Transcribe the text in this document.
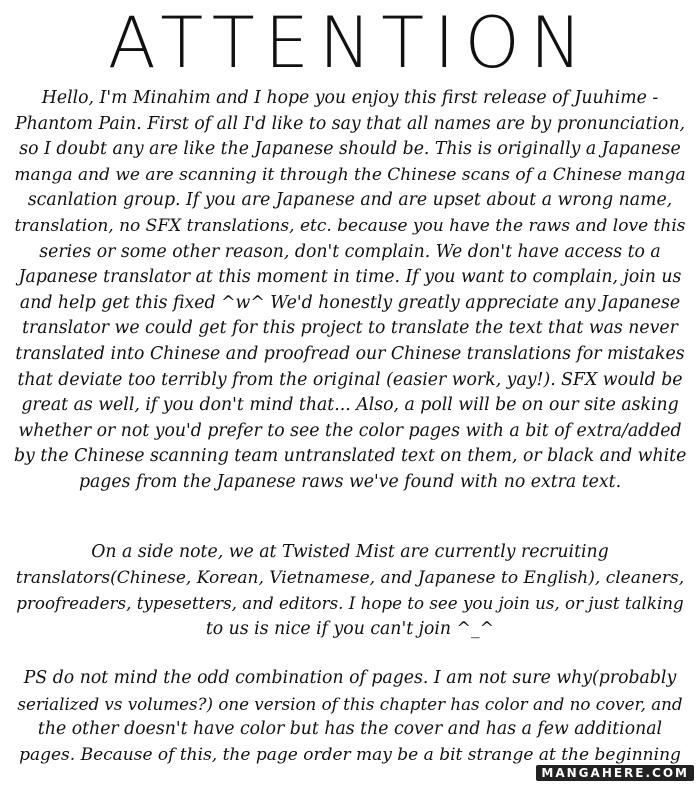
ATTENTION

Hello, I'm Minahim and I hope you enjoy this first release of Juuhime -
Phantom Pain. First of all I'd like to say that all names are by pronunciation,
so I doubt any are like the Japanese should be. This is originally a Japanese
manga and we are scanning it through the Chinese scans of a Chinese manga
scanlation group. If you are Japanese and are upset about a wrong name,
translation, no SFX translations, etc. because you have the raws and love this
series or some other reason, don't complain. We don't have access to a
Japanese translator at this moment in time. If you want to complain, join us
and help get this fixed ^w^ We'd honestly greatly appreciate any Japanese
translator we could get for this project to translate the text that was never
translated into Chinese and proofread our Chinese translations for mistakes
that deviate too terribly from the original (easier work, yay!). SFX would be
great as well, if you don't mind that... Also, a poll will be on our site asking
whether or not you'd prefer to see the color pages with a bit of extra/added
by the Chinese scanning team untranslated text on them, or black and white
pages from the Japanese raws we've found with no extra text.

On a side note, we at Twisted Mist are currently recruiting
translators(Chinese, Korean, Vietnamese, and Japanese to English), cleaners,
proofreaders, typesetters, and editors. I hope to see you join us, or just talking
to us is nice if you can't join ^_^

PS do not mind the odd combination of pages. I am not sure why(probably
serialized vs volumes?) one version of this chapter has color and no cover, and
the other doesn't have color but has the cover and has a few additional
pages. Because of this, the page order may be a bit strange at the beginning

MANGAHERE.COM
